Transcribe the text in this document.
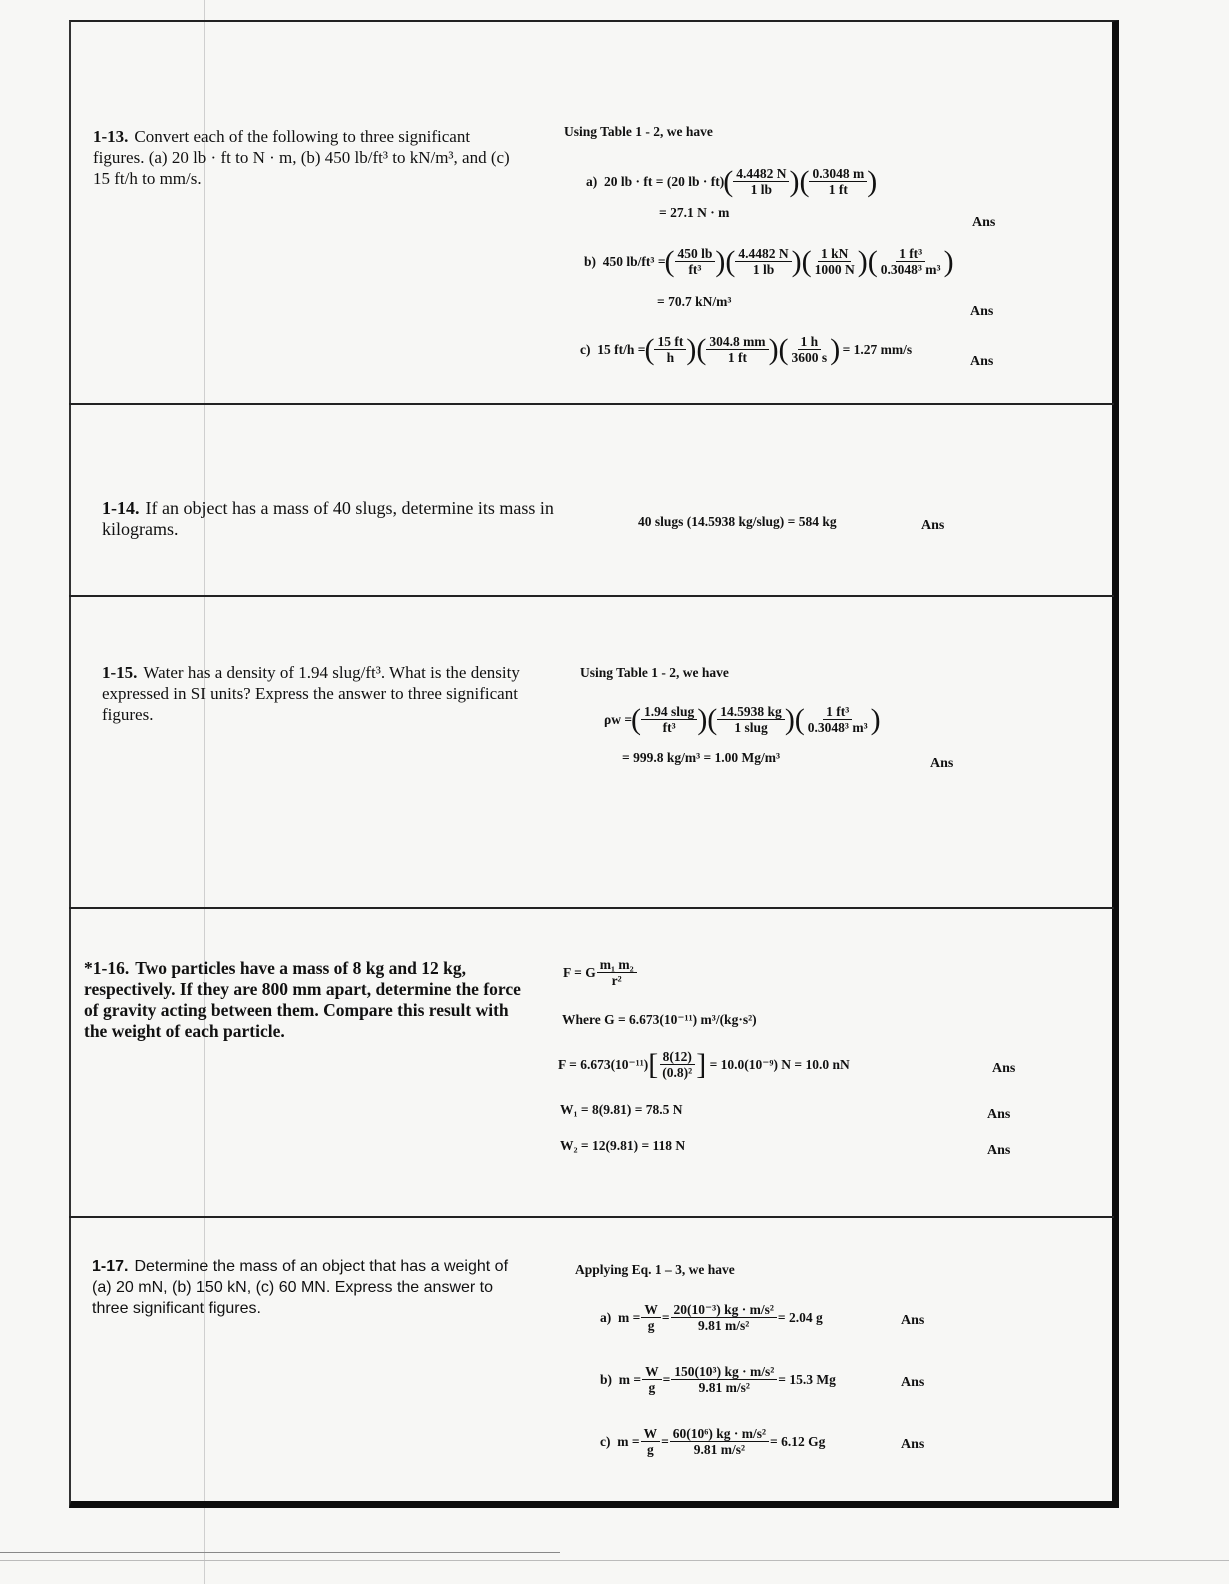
1-13. Convert each of the following to three significant figures. (a) 20 lb · ft to N · m, (b) 450 lb/ft³ to kN/m³, and (c) 15 ft/h to mm/s.
Using Table 1 - 2, we have
a)
20 lb · ft = (20 lb · ft) ( $\frac{4.4482 N}{1 lb}$ )( $\frac{0.3048 m}{1 ft}$ )
= 27.1 N · m
Ans
b)
450 lb/ft³ = ( $\frac{450 lb}{\text{ft³}}$ )( $\frac{4.4482 N}{1 lb}$ )( $\frac{1 kN}{1000 N}$ )( $\frac{\text{1 ft³}}{\text{0.3048³ m³}}$ )
= 70.7 kN/m³
Ans
c)
15 ft/h = ( $\frac{15 ft}{h}$ )( $\frac{304.8 mm}{1 ft}$ )( $\frac{1 h}{3600 s}$ )
= 1.27 mm/s
Ans
1-14. If an object has a mass of 40 slugs, determine its mass in kilograms.	40 slugs (14.5938 kg/slug) = 584 kg	Ans
1-15. Water has a density of 1.94 slug/ft³. What is the density expressed in SI units? Express the answer to three significant figures.
Using Table 1 - 2, we have
ρw = ( $\frac{\text{1.94 slug}}{\text{ft³}}$ )( $\frac{14.5938 kg}{\text{1 slug}}$ )( $\frac{\text{1 ft³}}{\text{0.3048³ m³}}$ )
= 999.8 kg/m³ = 1.00 Mg/m³	Ans
*1-16. Two particles have a mass of 8 kg and 12 kg, respectively. If they are 800 mm apart, determine the force of gravity acting between them. Compare this result with the weight of each particle.
F = G $\frac{\text{m₁ m₂}}{\text{r²}}$
Where G = 6.673(10⁻¹¹) m³/(kg·s²)
F = 6.673(10⁻¹¹) [ $\frac{8(12)}{\text{(0.8)²}}$ ]
= 10.0(10⁻⁹) N = 10.0 nN	Ans
W₁ = 8(9.81) = 78.5 N	Ans
W₂ = 12(9.81) = 118 N	Ans
1-17. Determine the mass of an object that has a weight of (a) 20 mN, (b) 150 kN, (c) 60 MN. Express the answer to three significant figures.
Applying Eq. 1 – 3, we have
a)
$m = \frac{W}{g} = \frac{\text{20(10⁻³) kg · m/s²}}{\text{9.81 m/s²}} = 2.04$ g	Ans
b)
$m = \frac{W}{g} = \frac{\text{150(10³) kg · m/s²}}{\text{9.81 m/s²}} = 15.3$ Mg	Ans
c)
$m = \frac{W}{g} = \frac{\text{60(10⁶) kg · m/s²}}{\text{9.81 m/s²}} = 6.12$ Gg	Ans
